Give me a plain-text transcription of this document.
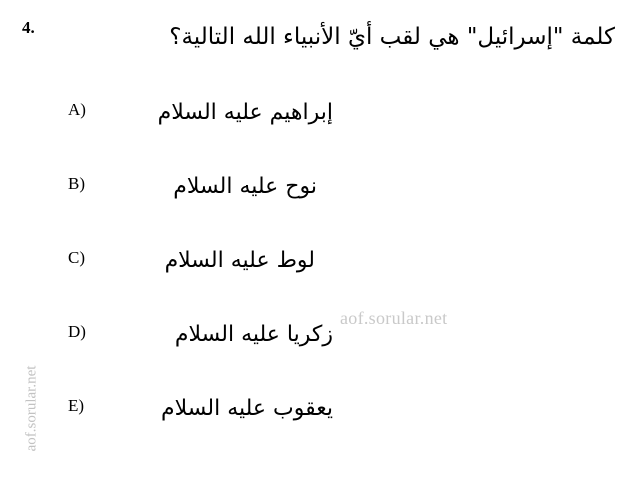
4.	كلمة "إسرائيل" هي لقب أيّ الأنبياء الله التالية؟
A)	إبراهيم عليه السلام
B)	نوح عليه السلام
C)	لوط عليه السلام
D)	زكريا عليه السلام
E)	يعقوب عليه السلام
aof.sorular.net
aof.sorular.net
